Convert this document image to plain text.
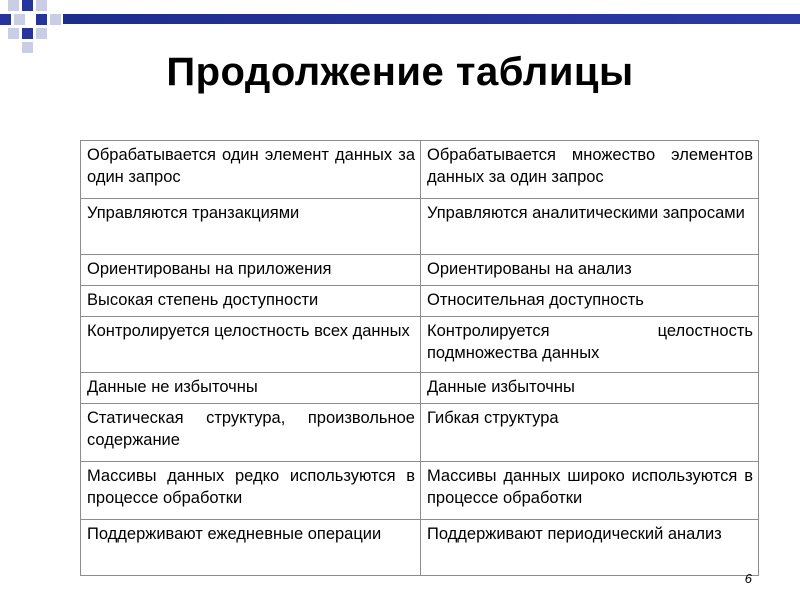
Продолжение таблицы
Обрабатывается один элемент данных за один запрос	Обрабатывается множество элементов данных за один запрос
Управляются транзакциями	Управляются аналитическими запросами
Ориентированы на приложения	Ориентированы на анализ
Высокая степень доступности	Относительная доступность
Контролируется целостность всех данных	Контролируется целостность подмножества данных
Данные не избыточны	Данные избыточны
Статическая структура, произвольное содержание	Гибкая структура
Массивы данных редко используются в процессе обработки	Массивы данных широко используются в процессе обработки
Поддерживают ежедневные операции	Поддерживают периодический анализ
6
